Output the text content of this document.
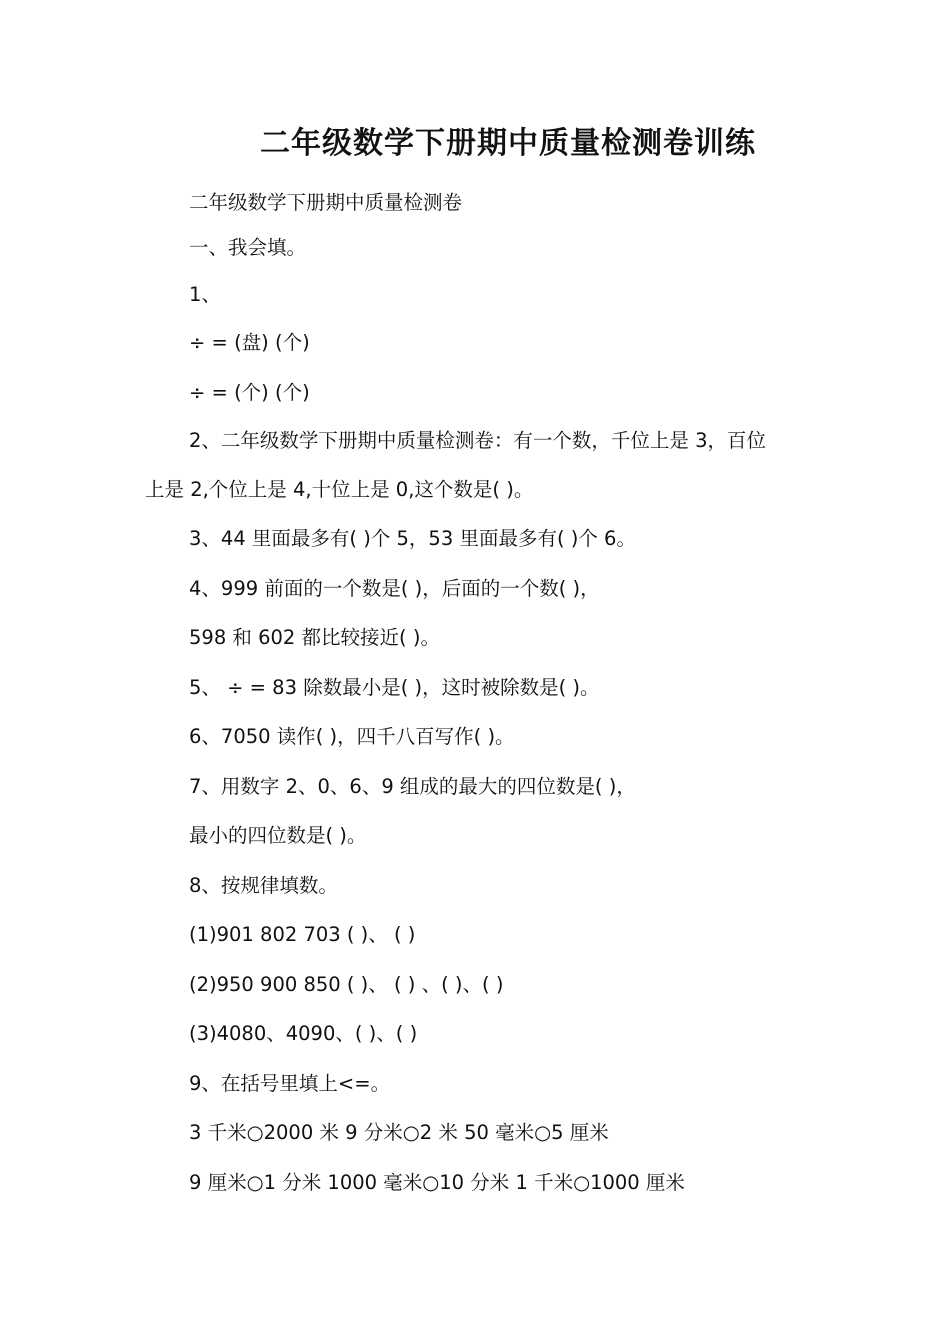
二年级数学下册期中质量检测卷训练
二年级数学下册期中质量检测卷
一、我会填。
1、
÷ = (盘) (个)
÷ = (个) (个)
2、二年级数学下册期中质量检测卷：有一个数，千位上是 3，百位
上是 2,个位上是 4,十位上是 0,这个数是( )。
3、44 里面最多有( )个 5，53 里面最多有( )个 6。
4、999 前面的一个数是( )，后面的一个数( )，
598 和 602 都比较接近( )。
5、 ÷ = 83 除数最小是( )，这时被除数是( )。
6、7050 读作( )，四千八百写作( )。
7、用数字 2、0、6、9 组成的最大的四位数是( )，
最小的四位数是( )。
8、按规律填数。
(1)901 802 703 ( )、 ( )
(2)950 900 850 ( )、 ( ) 、( )、( )
(3)4080、4090、( )、( )
9、在括号里填上<=。
3 千米○2000 米 9 分米○2 米 50 毫米○5 厘米
9 厘米○1 分米 1000 毫米○10 分米 1 千米○1000 厘米
